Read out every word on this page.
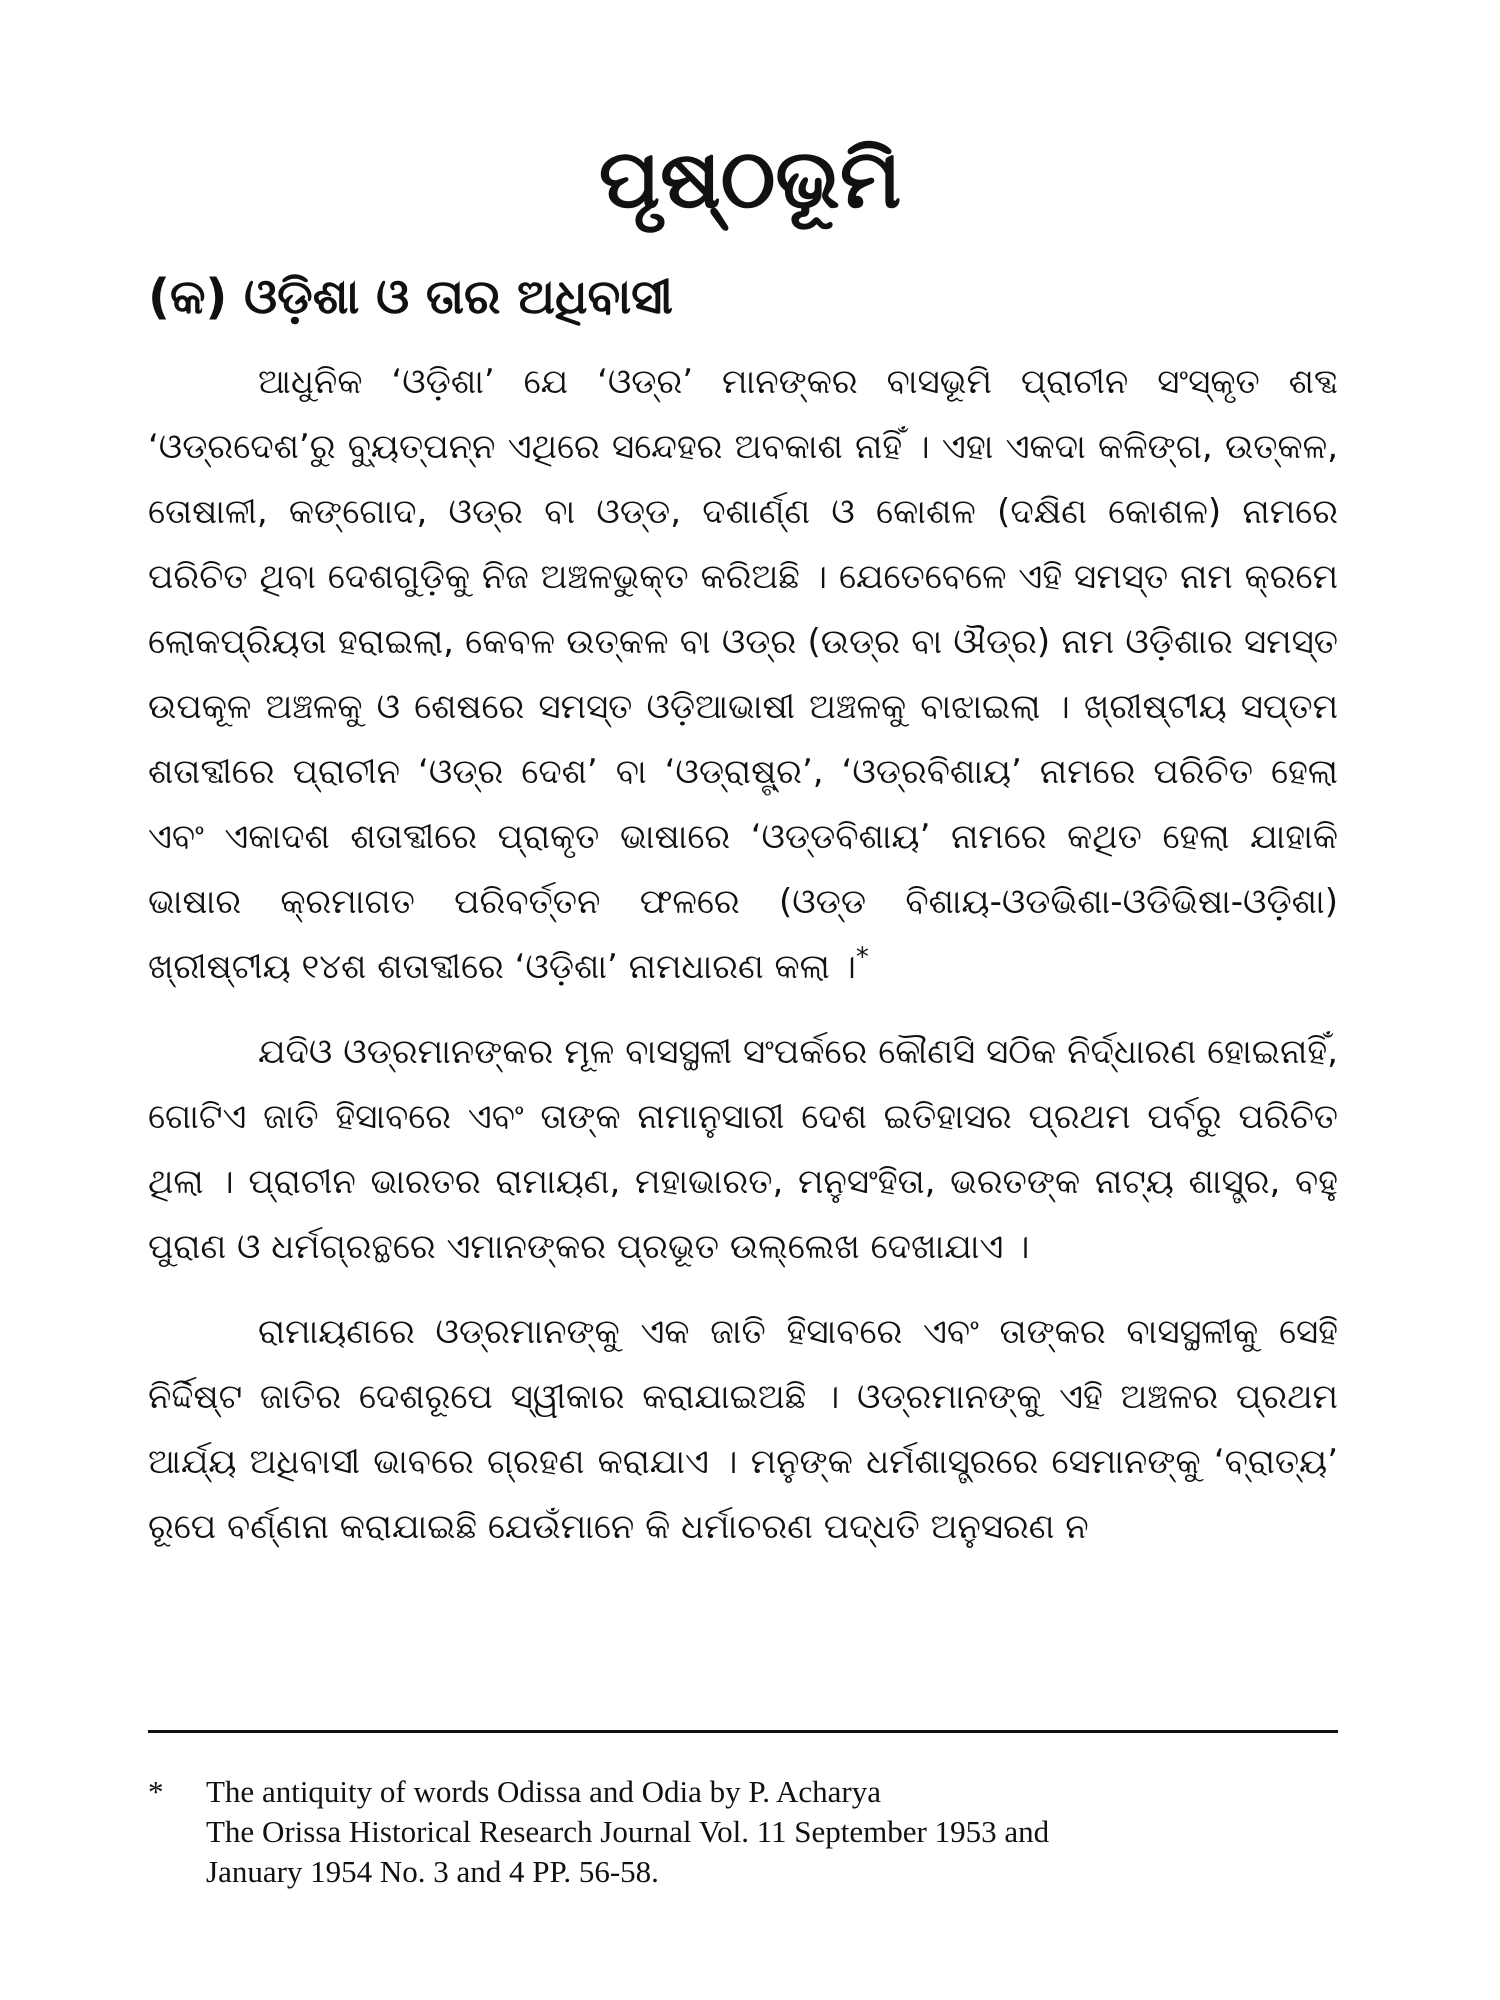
ପୃଷ୍ଠଭୂମି
(କ) ଓଡ଼ିଶା ଓ ତାର ଅଧିବାସୀ

ଆଧୁନିକ ‘ଓଡ଼ିଶା’ ଯେ ‘ଓଡ୍ର’ ମାନଙ୍କର ବାସଭୂମି ପ୍ରାଚୀନ ସଂସ୍କୃତ ଶବ୍ଦ ‘ଓଡ୍ରଦେଶ’ରୁ ବ୍ୟୁତ୍ପନ୍ନ ଏଥିରେ ସନ୍ଦେହର ଅବକାଶ ନାହିଁ । ଏହା ଏକଦା କଳିଙ୍ଗ, ଉତ୍କଳ, ତୋଷାଳୀ, କଙ୍ଗୋଦ, ଓଡ୍ର ବା ଓଡ୍ଡ, ଦଶାର୍ଣ୍ଣ ଓ କୋଶଳ (ଦକ୍ଷିଣ କୋଶଳ) ନାମରେ ପରିଚିତ ଥିବା ଦେଶଗୁଡ଼ିକୁ ନିଜ ଅଞ୍ଚଳଭୁକ୍ତ କରିଅଛି । ଯେତେବେଳେ ଏହି ସମସ୍ତ ନାମ କ୍ରମେ ଲୋକପ୍ରିୟତା ହରାଇଲା, କେବଳ ଉତ୍କଳ ବା ଓଡ୍ର (ଉଡ୍ର ବା ଔଡ୍ର) ନାମ ଓଡ଼ିଶାର ସମସ୍ତ ଉପକୂଳ ଅଞ୍ଚଳକୁ ଓ ଶେଷରେ ସମସ୍ତ ଓଡ଼ିଆଭାଷୀ ଅଞ୍ଚଳକୁ ବାଝାଇଲା । ଖ୍ରୀଷ୍ଟୀୟ ସପ୍ତମ ଶତାବ୍ଦୀରେ ପ୍ରାଚୀନ ‘ଓଡ୍ର ଦେଶ’ ବା ‘ଓଡ୍ରାଷ୍ଟ୍ର’, ‘ଓଡ୍ରବିଶାୟ’ ନାମରେ ପରିଚିତ ହେଲା ଏବଂ ଏକାଦଶ ଶତାବ୍ଦୀରେ ପ୍ରାକୃତ ଭାଷାରେ ‘ଓଡ୍ଡବିଶାୟ’ ନାମରେ କଥିତ ହେଲା ଯାହାକି ଭାଷାର କ୍ରମାଗତ ପରିବର୍ତ୍ତନ ଫଳରେ (ଓଡ୍ଡ ବିଶାୟ-ଓଡଭିଶା-ଓଡିଭିଷା-ଓଡ଼ିଶା) ଖ୍ରୀଷ୍ଟୀୟ ୧୪ଶ ଶତାବ୍ଦୀରେ ‘ଓଡ଼ିଶା’ ନାମଧାରଣ କଲା ।*

ଯଦିଓ ଓଡ୍ରମାନଙ୍କର ମୂଳ ବାସସ୍ଥଳୀ ସଂପର୍କରେ କୌଣସି ସଠିକ ନିର୍ଦ୍ଧାରଣ ହୋଇନାହିଁ, ଗୋଟିଏ ଜାତି ହିସାବରେ ଏବଂ ତାଙ୍କ ନାମାନୁସାରୀ ଦେଶ ଇତିହାସର ପ୍ରଥମ ପର୍ବରୁ ପରିଚିତ ଥିଲା । ପ୍ରାଚୀନ ଭାରତର ରାମାୟଣ, ମହାଭାରତ, ମନୁସଂହିତା, ଭରତଙ୍କ ନାଟ୍ୟ ଶାସ୍ତ୍ର, ବହୁ ପୁରାଣ ଓ ଧର୍ମଗ୍ରନ୍ଥରେ ଏମାନଙ୍କର ପ୍ରଭୂତ ଉଲ୍ଲେଖ ଦେଖାଯାଏ ।

ରାମାୟଣରେ ଓଡ୍ରମାନଙ୍କୁ ଏକ ଜାତି ହିସାବରେ ଏବଂ ତାଙ୍କର ବାସସ୍ଥଳୀକୁ ସେହି ନିର୍ଦ୍ଦିଷ୍ଟ ଜାତିର ଦେଶରୂପେ ସ୍ୱୀକାର କରାଯାଇଅଛି । ଓଡ୍ରମାନଙ୍କୁ ଏହି ଅଞ୍ଚଳର ପ୍ରଥମ ଆର୍ଯ୍ୟ ଅଧିବାସୀ ଭାବରେ ଗ୍ରହଣ କରାଯାଏ । ମନୁଙ୍କ ଧର୍ମଶାସ୍ତ୍ରରେ ସେମାନଙ୍କୁ ‘ବ୍ରାତ୍ୟ’ ରୂପେ ବର୍ଣ୍ଣନା କରାଯାଇଛି ଯେଉଁମାନେ କି ଧର୍ମାଚରଣ ପଦ୍ଧତି ଅନୁସରଣ ନ

*	The antiquity of words Odissa and Odia by P. Acharya
The Orissa Historical Research Journal Vol. 11 September 1953 and
January 1954 No. 3 and 4 PP. 56-58.
